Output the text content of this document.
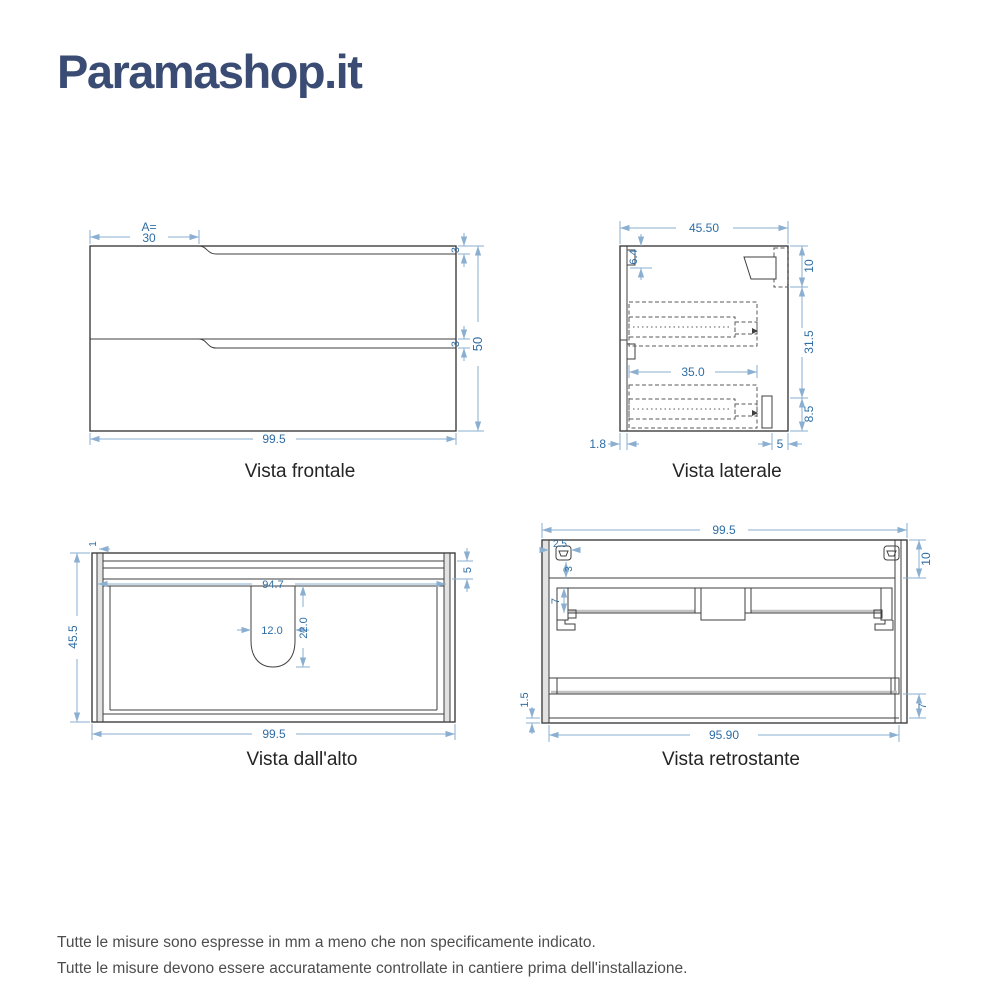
Paramashop.it
A=
30
99.5
3
3 50
45.50
6.4
10
31.5
8.5
35.0
1.8	5
1
5
94.7
12.0 22.0
45.5
99.5
99.5
2.5
3
10
7
1.5	7
95.90
Vista frontale	Vista laterale
Vista dall'alto	Vista retrostante

Tutte le misure sono espresse in mm a meno che non specificamente indicato.

Tutte le misure devono essere accuratamente controllate in cantiere prima dell'installazione.
